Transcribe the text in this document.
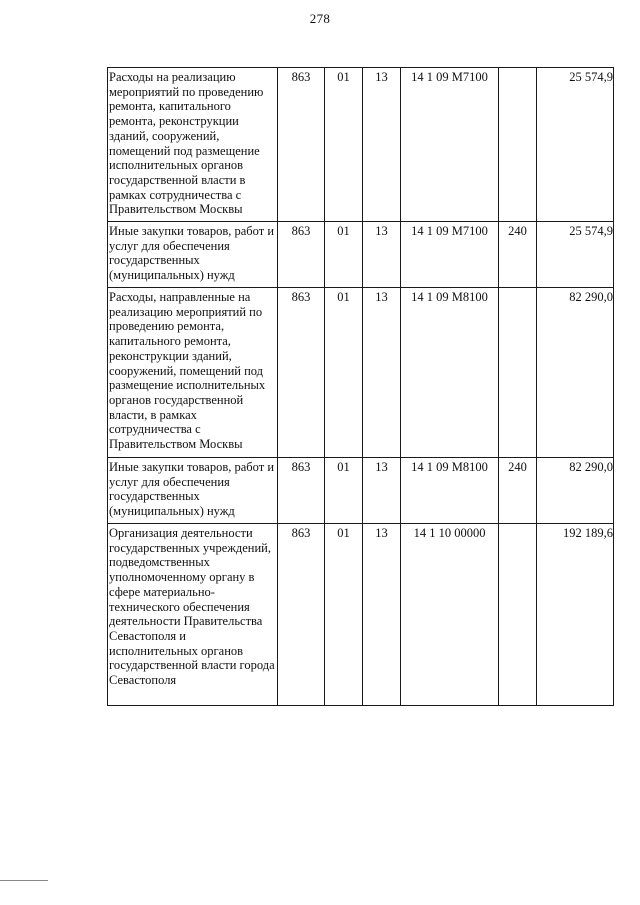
278
Расходы на реализацию мероприятий по проведению ремонта, капитального ремонта, реконструкции зданий, сооружений, помещений под размещение исполнительных органов государственной власти в рамках сотрудничества с Правительством Москвы	863	01	13	14 1 09 M7100		25 574,9
Иные закупки товаров, работ и услуг для обеспечения государственных (муниципальных) нужд	863	01	13	14 1 09 M7100	240	25 574,9
Расходы, направленные на реализацию мероприятий по проведению ремонта, капитального ремонта, реконструкции зданий, сооружений, помещений под размещение исполнительных органов государственной власти, в рамках сотрудничества с Правительством Москвы	863	01	13	14 1 09 M8100		82 290,0
Иные закупки товаров, работ и услуг для обеспечения государственных (муниципальных) нужд	863	01	13	14 1 09 M8100	240	82 290,0
Организация деятельности государственных учреждений, подведомственных уполномоченному органу в сфере материально-технического обеспечения деятельности Правительства Севастополя и исполнительных органов государственной власти города Севастополя	863	01	13	14 1 10 00000		192 189,6
